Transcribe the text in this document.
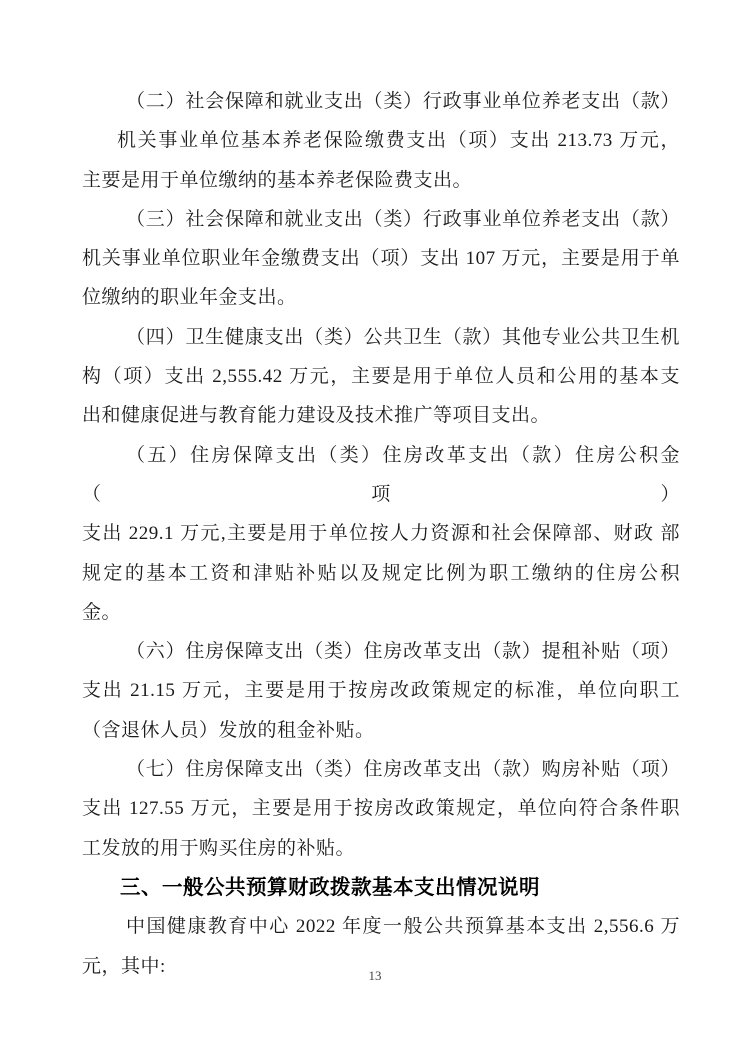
（二）社会保障和就业支出（类）行政事业单位养老支出（款）
机关事业单位基本养老保险缴费支出（项）支出 213.73 万元，
主要是用于单位缴纳的基本养老保险费支出。
（三）社会保障和就业支出（类）行政事业单位养老支出（款）
机关事业单位职业年金缴费支出（项）支出 107 万元，主要是用于单
位缴纳的职业年金支出。
（四）卫生健康支出（类）公共卫生（款）其他专业公共卫生机
构（项）支出 2,555.42 万元，主要是用于单位人员和公用的基本支
出和健康促进与教育能力建设及技术推广等项目支出。
（五）住房保障支出（类）住房改革支出（款）住房公积金（项）
支出 229.1 万元,主要是用于单位按人力资源和社会保障部、财政 部
规定的基本工资和津贴补贴以及规定比例为职工缴纳的住房公积
金。
（六）住房保障支出（类）住房改革支出（款）提租补贴（项）
支出 21.15 万元，主要是用于按房改政策规定的标准，单位向职工
（含退休人员）发放的租金补贴。
（七）住房保障支出（类）住房改革支出（款）购房补贴（项）
支出 127.55 万元，主要是用于按房改政策规定，单位向符合条件职
工发放的用于购买住房的补贴。
三、一般公共预算财政拨款基本支出情况说明
中国健康教育中心 2022 年度一般公共预算基本支出 2,556.6 万
元，其中:	13
